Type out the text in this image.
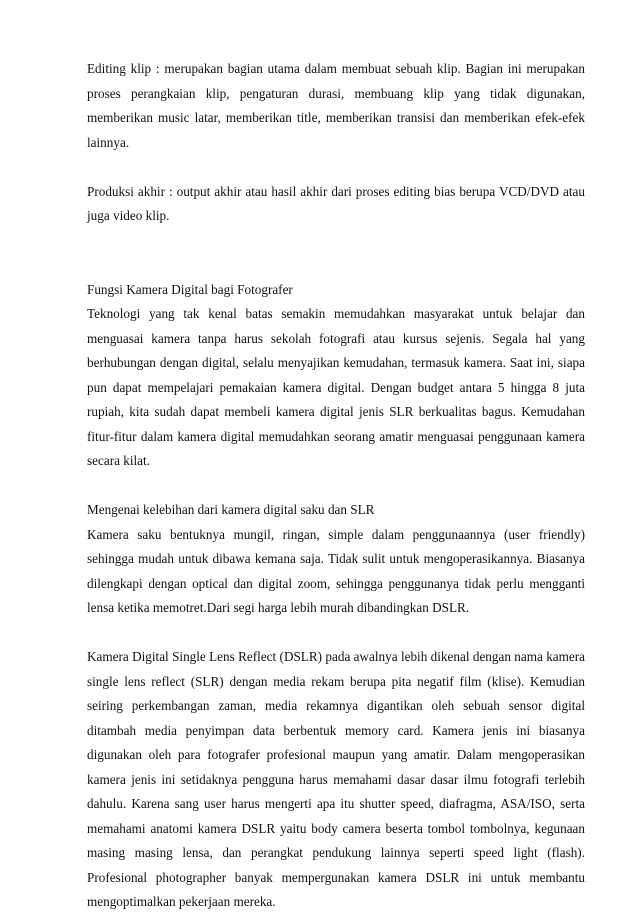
Editing klip : merupakan bagian utama dalam membuat sebuah klip. Bagian ini merupakan proses perangkaian klip, pengaturan durasi, membuang klip yang tidak digunakan, memberikan music latar, memberikan title, memberikan transisi dan memberikan efek-efek lainnya.

Produksi akhir : output akhir atau hasil akhir dari proses editing bias berupa VCD/DVD atau juga video klip.

Fungsi Kamera Digital bagi Fotografer

Teknologi yang tak kenal batas semakin memudahkan masyarakat untuk belajar dan menguasai kamera tanpa harus sekolah fotografi atau kursus sejenis. Segala hal yang berhubungan dengan digital, selalu menyajikan kemudahan, termasuk kamera. Saat ini, siapa pun dapat mempelajari pemakaian kamera digital. Dengan budget antara 5 hingga 8 juta rupiah, kita sudah dapat membeli kamera digital jenis SLR berkualitas bagus. Kemudahan fitur-fitur dalam kamera digital memudahkan seorang amatir menguasai penggunaan kamera secara kilat.

Mengenai kelebihan dari kamera digital saku dan SLR

Kamera saku bentuknya mungil, ringan, simple dalam penggunaannya (user friendly) sehingga mudah untuk dibawa kemana saja. Tidak sulit untuk mengoperasikannya. Biasanya dilengkapi dengan optical dan digital zoom, sehingga penggunanya tidak perlu mengganti lensa ketika memotret.Dari segi harga lebih murah dibandingkan DSLR.

Kamera Digital Single Lens Reflect (DSLR) pada awalnya lebih dikenal dengan nama kamera single lens reflect (SLR) dengan media rekam berupa pita negatif film (klise). Kemudian seiring perkembangan zaman, media rekamnya digantikan oleh sebuah sensor digital ditambah media penyimpan data berbentuk memory card. Kamera jenis ini biasanya digunakan oleh para fotografer profesional maupun yang amatir. Dalam mengoperasikan kamera jenis ini setidaknya pengguna harus memahami dasar dasar ilmu fotografi terlebih dahulu. Karena sang user harus mengerti apa itu shutter speed, diafragma, ASA/ISO, serta memahami anatomi kamera DSLR yaitu body camera beserta tombol tombolnya, kegunaan masing masing lensa, dan perangkat pendukung lainnya seperti speed light (flash). Profesional photographer banyak mempergunakan kamera DSLR ini untuk membantu mengoptimalkan pekerjaan mereka.
